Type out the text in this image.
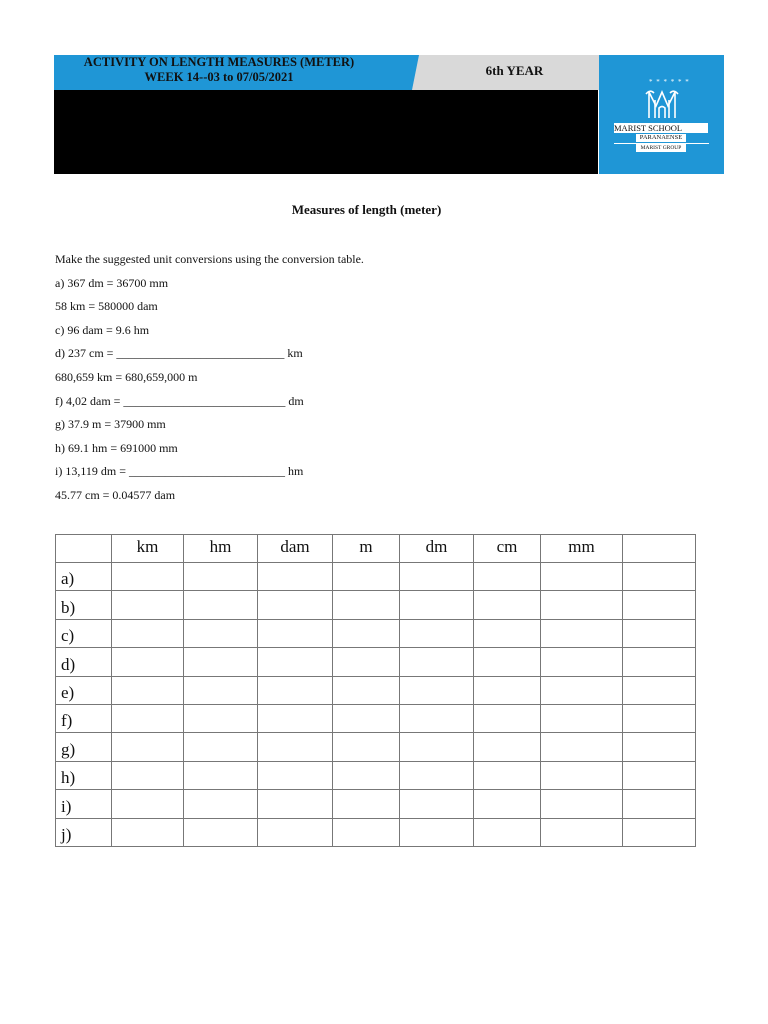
ACTIVITY ON LENGTH MEASURES (METER)
WEEK 14--03 to 07/05/2021	6th YEAR
* * * * * *
MARIST SCHOOL
PARANAENSE
MARIST GROUP
Measures of length (meter)
Make the suggested unit conversions using the conversion table.
a) 367 dm = 36700 mm
58 km = 580000 dam
c) 96 dam = 9.6 hm
d) 237 cm = ____________________________ km
680,659 km = 680,659,000 m
f) 4,02 dam = ___________________________ dm
g) 37.9 m = 37900 mm
h) 69.1 hm = 691000 mm
i) 13,119 dm = __________________________ hm
45.77 cm = 0.04577 dam
	km	hm	dam	m	dm	cm	mm	
a)								
b)								
c)								
d)								
e)								
f)								
g)								
h)								
i)								
j)								
